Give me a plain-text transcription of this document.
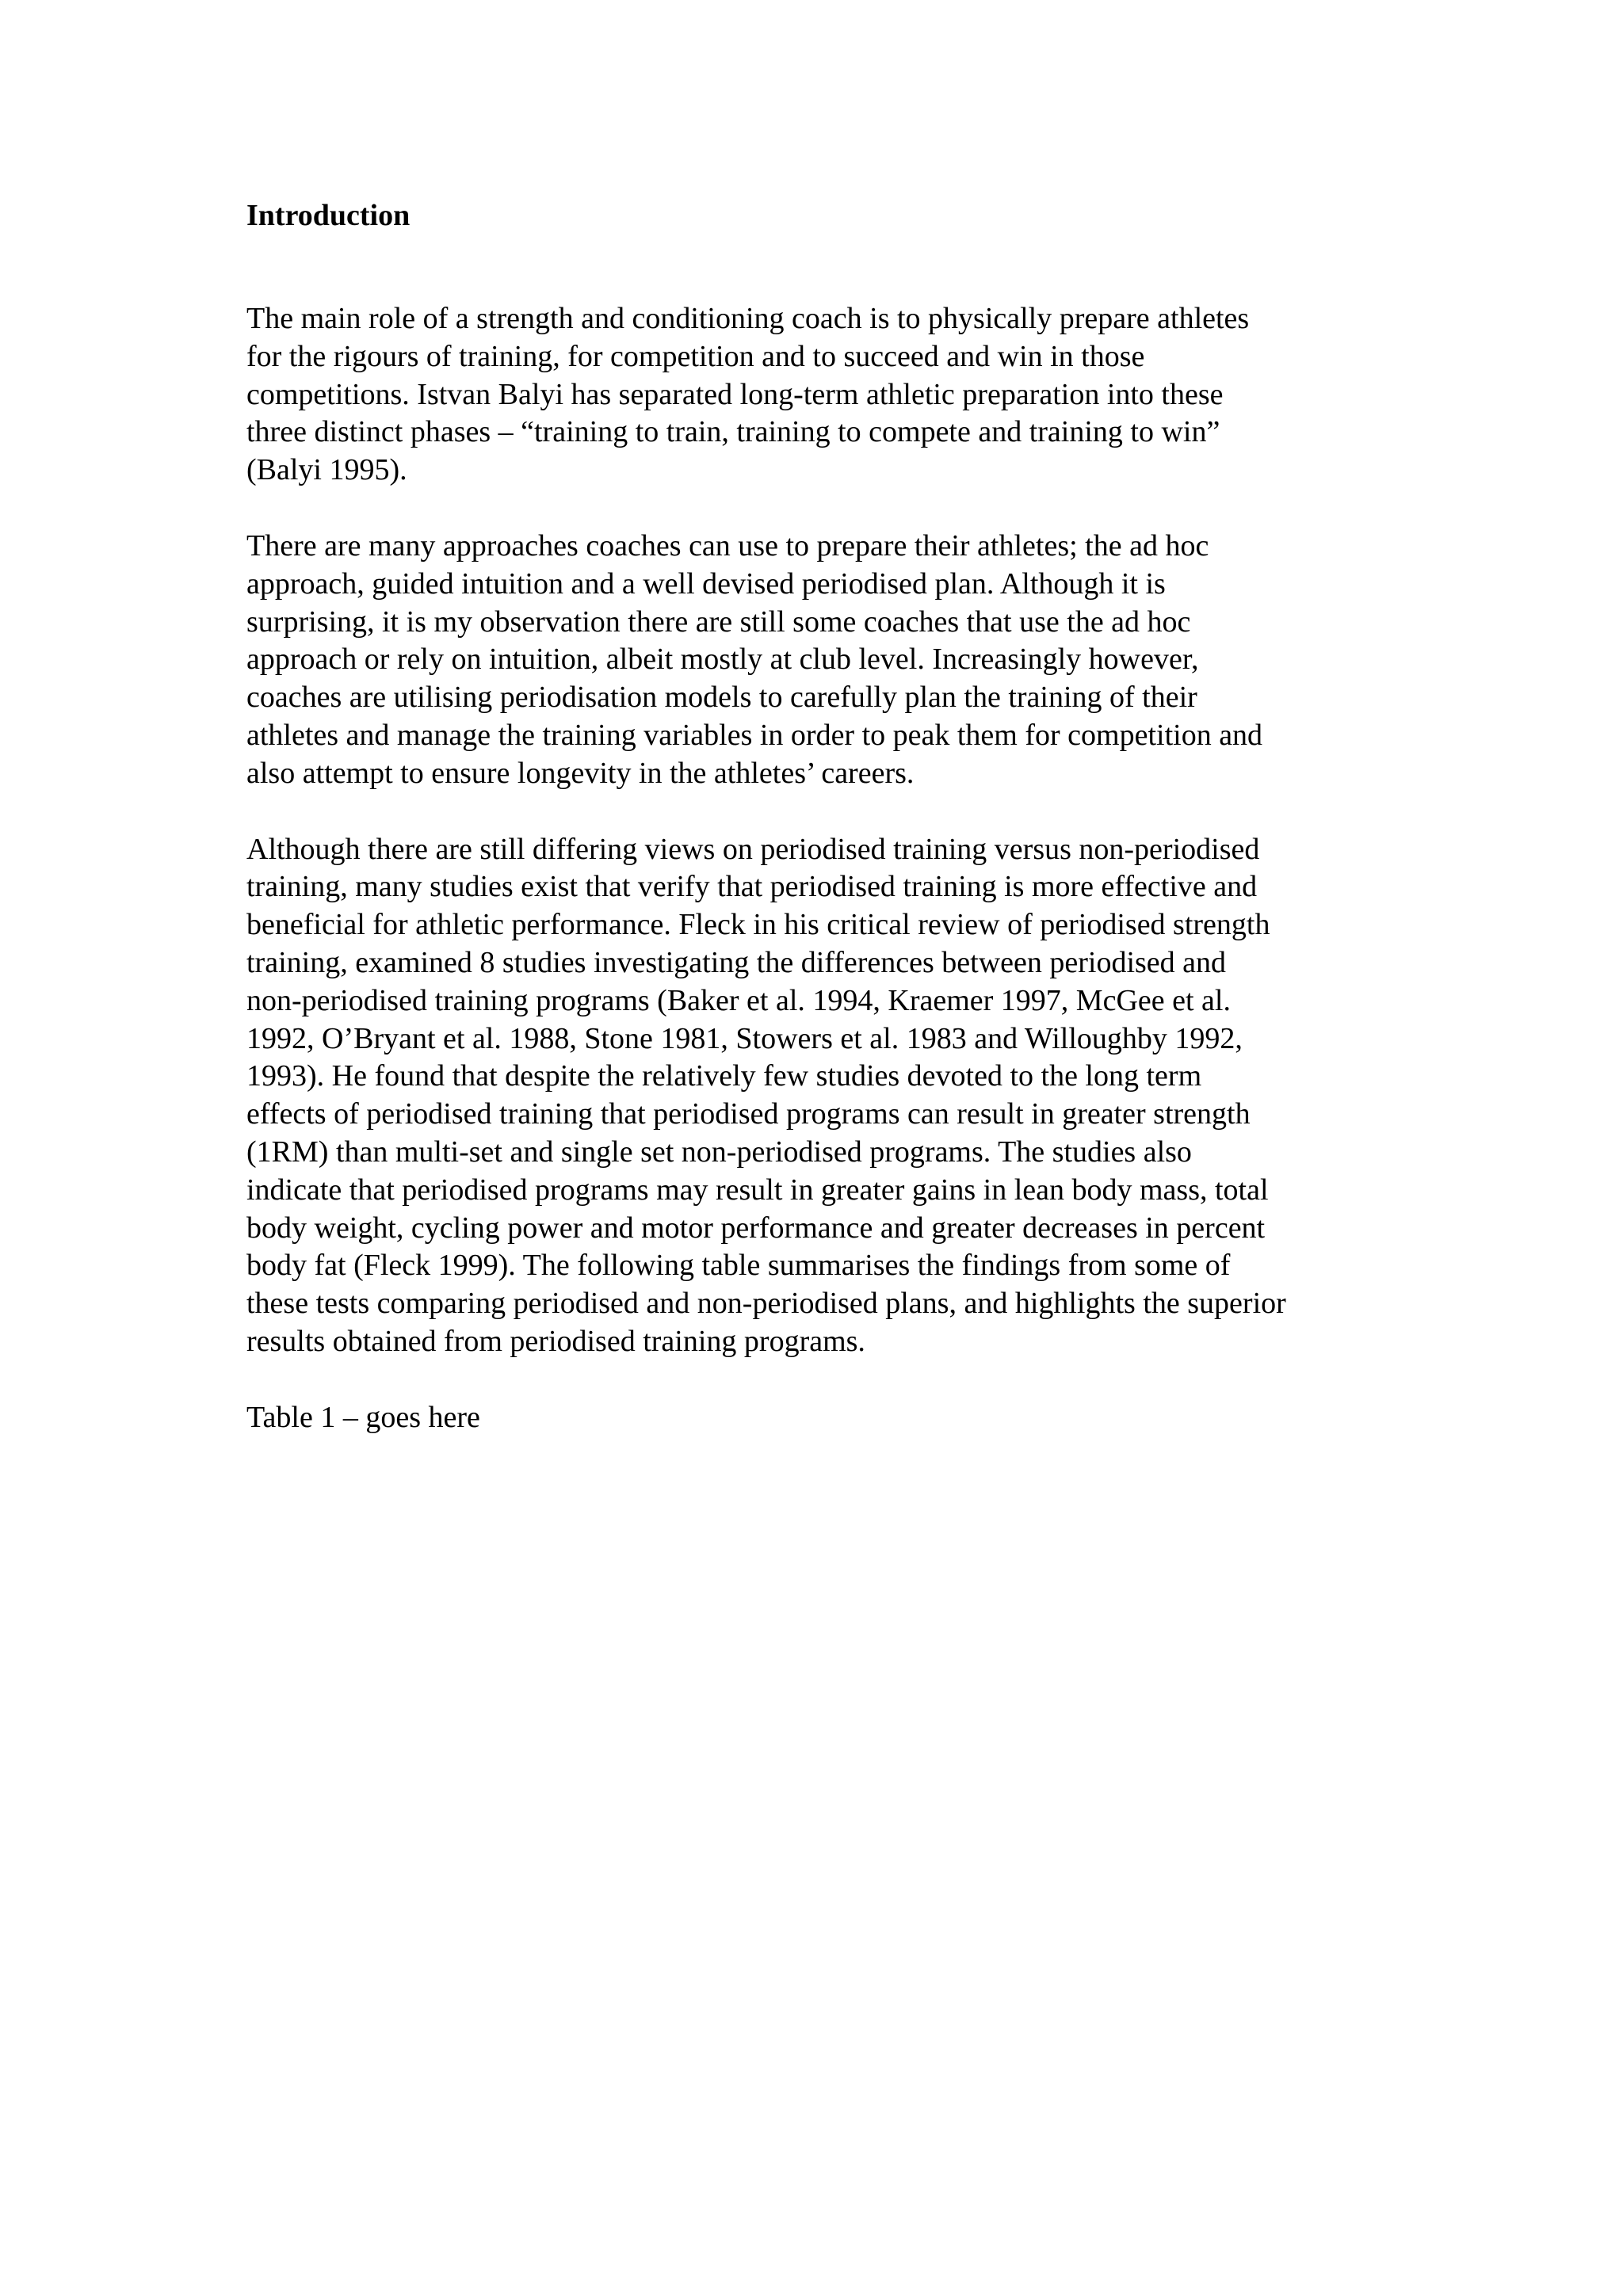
Introduction

The main role of a strength and conditioning coach is to physically prepare athletes
for the rigours of training, for competition and to succeed and win in those
competitions. Istvan Balyi has separated long-term athletic preparation into these
three distinct phases – “training to train, training to compete and training to win”
(Balyi 1995).

There are many approaches coaches can use to prepare their athletes; the ad hoc
approach, guided intuition and a well devised periodised plan. Although it is
surprising, it is my observation there are still some coaches that use the ad hoc
approach or rely on intuition, albeit mostly at club level. Increasingly however,
coaches are utilising periodisation models to carefully plan the training of their
athletes and manage the training variables in order to peak them for competition and
also attempt to ensure longevity in the athletes’ careers.

Although there are still differing views on periodised training versus non-periodised
training, many studies exist that verify that periodised training is more effective and
beneficial for athletic performance. Fleck in his critical review of periodised strength
training, examined 8 studies investigating the differences between periodised and
non-periodised training programs (Baker et al. 1994, Kraemer 1997, McGee et al.
1992, O’Bryant et al. 1988, Stone 1981, Stowers et al. 1983 and Willoughby 1992,
1993). He found that despite the relatively few studies devoted to the long term
effects of periodised training that periodised programs can result in greater strength
(1RM) than multi-set and single set non-periodised programs. The studies also
indicate that periodised programs may result in greater gains in lean body mass, total
body weight, cycling power and motor performance and greater decreases in percent
body fat (Fleck 1999). The following table summarises the findings from some of
these tests comparing periodised and non-periodised plans, and highlights the superior
results obtained from periodised training programs.

Table 1 – goes here
